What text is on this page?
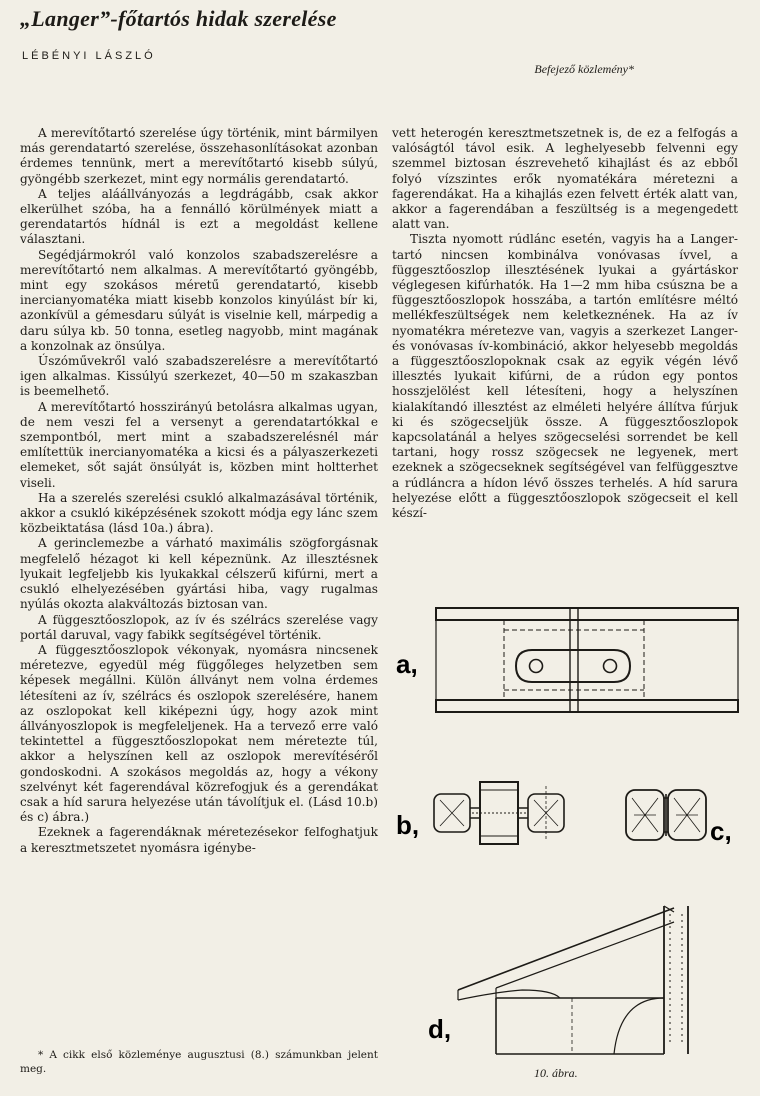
„Langer”-főtartós hidak szerelése
LÉBÉNYI LÁSZLÓ
Befejező közlemény*

A merevítőtartó szerelése úgy történik, mint bármilyen más gerendatartó szerelése, összehasonlításokat azonban érdemes tennünk, mert a merevítőtartó kisebb súlyú, gyöngébb szerkezet, mint egy normális gerendatartó.

A teljes aláállványozás a legdrágább, csak akkor elkerülhet szóba, ha a fennálló körülmények miatt a gerendatartós hídnál is ezt a megoldást kellene választani.

Segédjármokról való konzolos szabadszerelésre a merevítőtartó nem alkalmas. A merevítőtartó gyöngébb, mint egy szokásos méretű gerendatartó, kisebb inercianyomatéka miatt kisebb konzolos kinyúlást bír ki, azonkívül a gémesdaru súlyát is viselnie kell, márpedig a daru súlya kb. 50 tonna, esetleg nagyobb, mint magának a konzolnak az önsúlya.

Úszóművekről való szabadszerelésre a merevítőtartó igen alkalmas. Kissúlyú szerkezet, 40—50 m szakaszban is beemelhető.

A merevítőtartó hosszirányú betolásra alkalmas ugyan, de nem veszi fel a versenyt a gerendatartókkal e szempontból, mert mint a szabadszerelésnél már említettük inercianyomatéka a kicsi és a pályaszerkezeti elemeket, sőt saját önsúlyát is, közben mint holtterhet viseli.

Ha a szerelés szerelési csukló alkalmazásával történik, akkor a csukló kiképzésének szokott módja egy lánc szem közbeiktatása (lásd 10a.) ábra).

A gerinclemezbe a várható maximális szögforgásnak megfelelő hézagot ki kell képeznünk. Az illesztésnek lyukait legfeljebb kis lyukakkal célszerű kifúrni, mert a csukló elhelyezésében gyártási hiba, vagy rugalmas nyúlás okozta alakváltozás biztosan van.

A függesztőoszlopok, az ív és szélrács szerelése vagy portál daruval, vagy fabikk segítségével történik.

A függesztőoszlopok vékonyak, nyomásra nincsenek méretezve, egyedül még függőleges helyzetben sem képesek megállni. Külön állványt nem volna érdemes létesíteni az ív, szélrács és oszlopok szerelésére, hanem az oszlopokat kell kiképezni úgy, hogy azok mint állványoszlopok is megfeleljenek. Ha a tervező erre való tekintettel a függesztőoszlopokat nem méretezte túl, akkor a helyszínen kell az oszlopok merevítéséről gondoskodni. A szokásos megoldás az, hogy a vékony szelvényt két fagerendával közrefogjuk és a gerendákat csak a híd sarura helyezése után távolítjuk el. (Lásd 10.b) és c) ábra.)

Ezeknek a fagerendáknak méretezésekor felfoghatjuk a keresztmetszetet nyomásra igénybe-

* A cikk első közleménye augusztusi (8.) számunkban jelent meg.

vett heterogén keresztmetszetnek is, de ez a felfogás a valóságtól távol esik. A leghelyesebb felvenni egy szemmel biztosan észrevehető kihajlást és az ebből folyó vízszintes erők nyomatékára méretezni a fagerendákat. Ha a kihajlás ezen felvett érték alatt van, akkor a fagerendában a feszültség is a megengedett alatt van.

Tiszta nyomott rúdlánc esetén, vagyis ha a Langer-tartó nincsen kombinálva vonóvasas ívvel, a függesztőoszlop illesztésének lyukai a gyártáskor véglegesen kifúrhatók. Ha 1—2 mm hiba csúszna be a függesztőoszlopok hosszába, a tartón említésre méltó mellékfeszültségek nem keletkeznének. Ha az ív nyomatékra méretezve van, vagyis a szerkezet Langer- és vonóvasas ív-kombináció, akkor helyesebb megoldás a függesztőoszlopoknak csak az egyik végén lévő illesztés lyukait kifúrni, de a rúdon egy pontos hosszjelölést kell létesíteni, hogy a helyszínen kialakítandó illesztést az elméleti helyére állítva fúrjuk ki és szögecseljük össze. A függesztőoszlopok kapcsolatánál a helyes szögecselési sorrendet be kell tartani, hogy rossz szögecsek ne legyenek, mert ezeknek a szögecseknek segítségével van felfüggesztve a rúdláncra a hídon lévő összes terhelés. A híd sarura helyezése előtt a függesztőoszlopok szögecseit el kell készí-

a,
b,	c,
d,
10. ábra.
